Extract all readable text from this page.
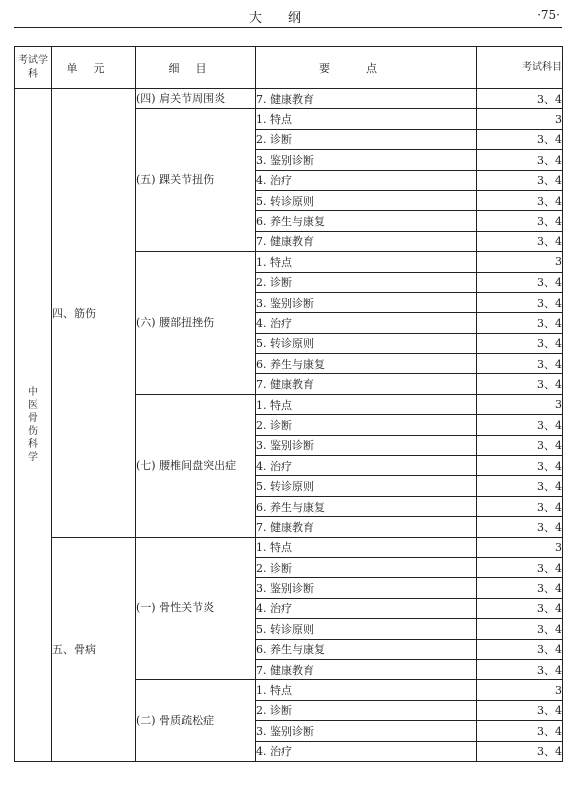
大纲	·75·
考试学科	单元	细目	要点	考试科目
中医骨伤科学	四、筋伤	(四) 肩关节周围炎	7. 健康教育	3、4
		(五) 踝关节扭伤	1. 特点	3
			2. 诊断	3、4
			3. 鉴别诊断	3、4
			4. 治疗	3、4
			5. 转诊原则	3、4
			6. 养生与康复	3、4
			7. 健康教育	3、4
		(六) 腰部扭挫伤	1. 特点	3
			2. 诊断	3、4
			3. 鉴别诊断	3、4
			4. 治疗	3、4
			5. 转诊原则	3、4
			6. 养生与康复	3、4
			7. 健康教育	3、4
		(七) 腰椎间盘突出症	1. 特点	3
			2. 诊断	3、4
			3. 鉴别诊断	3、4
			4. 治疗	3、4
			5. 转诊原则	3、4
			6. 养生与康复	3、4
			7. 健康教育	3、4
	五、骨病	(一) 骨性关节炎	1. 特点	3
			2. 诊断	3、4
			3. 鉴别诊断	3、4
			4. 治疗	3、4
			5. 转诊原则	3、4
			6. 养生与康复	3、4
			7. 健康教育	3、4
		(二) 骨质疏松症	1. 特点	3
			2. 诊断	3、4
			3. 鉴别诊断	3、4
			4. 治疗	3、4
